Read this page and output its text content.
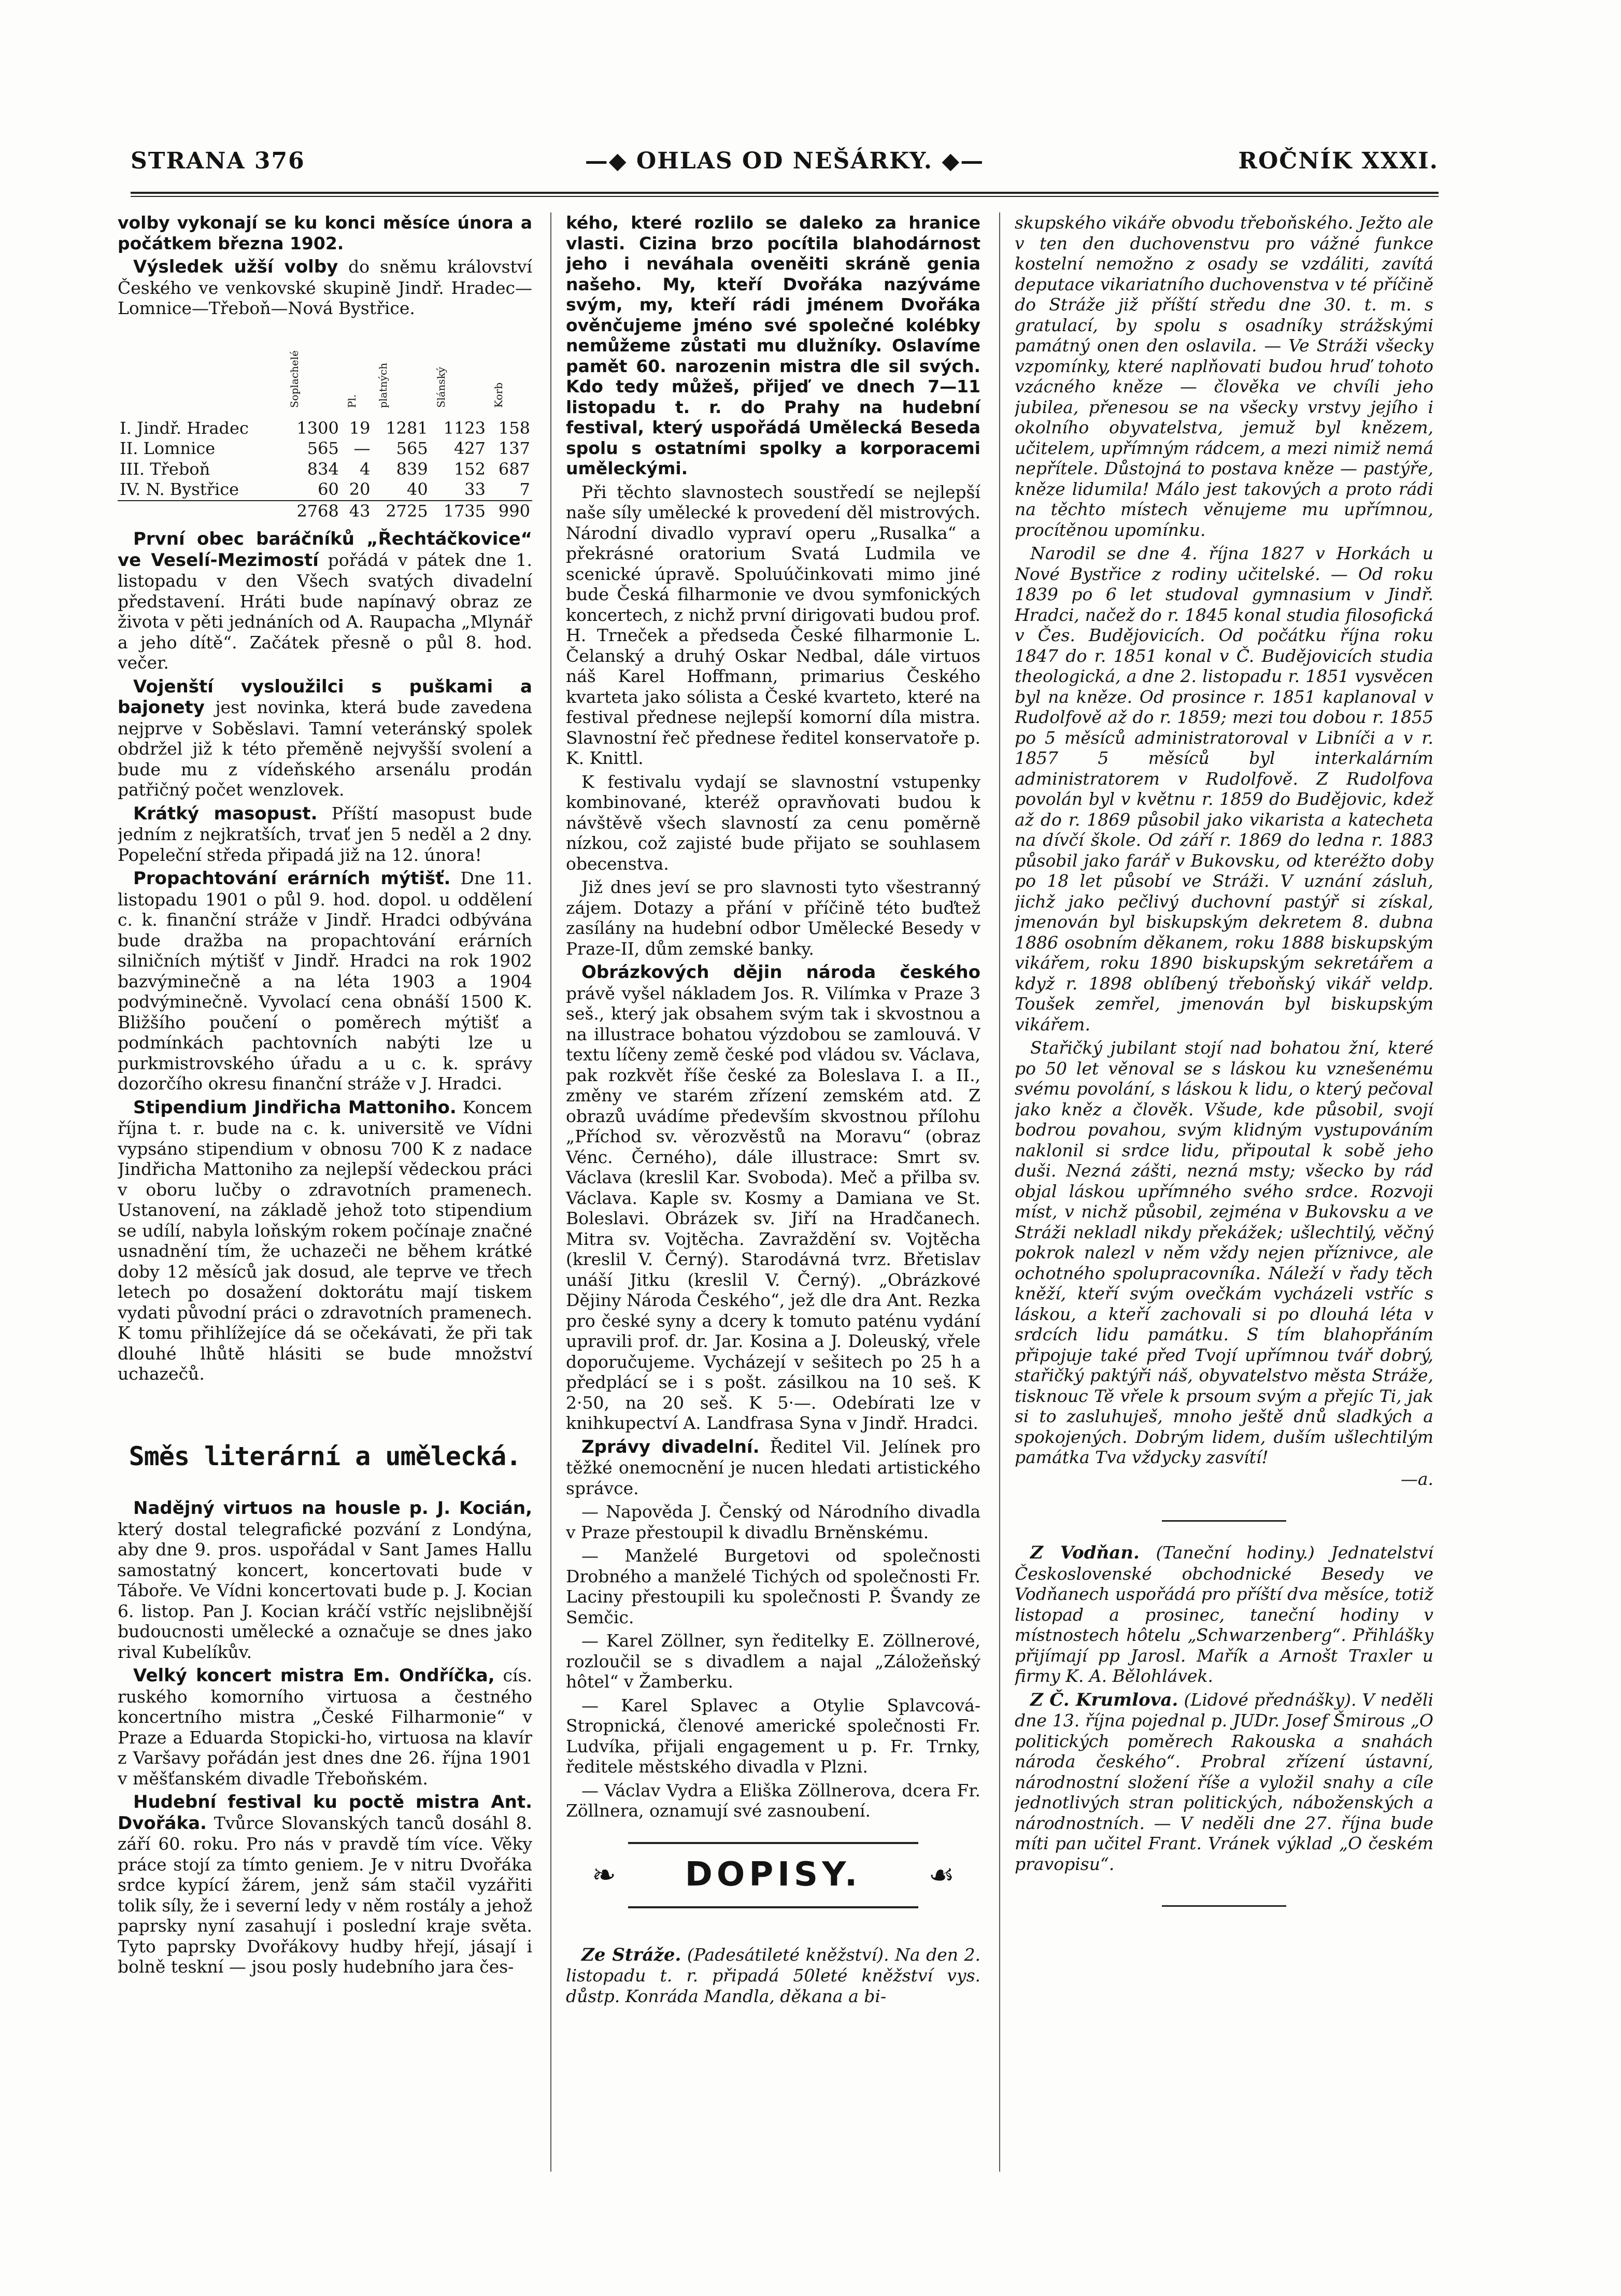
STRANA 376	—◆ OHLAS OD NEŠÁRKY. ◆—	ROČNÍK XXXI.

volby vykonají se ku konci měsíce února a počátkem března 1902.

Výsledek užší volby do sněmu království Českého ve venkovské skupině Jindř. Hradec—Lomnice—Třeboň—Nová Bystřice.

	Soplachelé	Pl.	platných	Slánský	Korb
I. Jindř. Hradec	1300	19	1281	1123	158
II. Lomnice	565	—	565	427	137
III. Třeboň	834	4	839	152	687
IV. N. Bystřice	60	20	40	33	7
	2768	43	2725	1735	990

První obec baráčníků „Řechtáčkovice“ ve Veselí-Mezimostí pořádá v pátek dne 1. listopadu v den Všech svatých divadelní představení. Hráti bude napínavý obraz ze života v pěti jednáních od A. Raupacha „Mlynář a jeho dítě“. Začátek přesně o půl 8. hod. večer.

Vojenští vysloužilci s puškami a bajonety jest novinka, která bude zavedena nejprve v Soběslavi. Tamní veteránský spolek obdržel již k této přeměně nejvyšší svolení a bude mu z vídeňského arsenálu prodán patřičný počet wenzlovek.

Krátký masopust. Příští masopust bude jedním z nejkratších, trvať jen 5 neděl a 2 dny. Popeleční středa připadá již na 12. února!

Propachtování erárních mýtišť. Dne 11. listopadu 1901 o půl 9. hod. dopol. u oddělení c. k. finanční stráže v Jindř. Hradci odbývána bude dražba na propachtování erárních silničních mýtišť v Jindř. Hradci na rok 1902 bazvýminečně a na léta 1903 a 1904 podvýminečně. Vyvolací cena obnáší 1500 K. Bližšího poučení o poměrech mýtišť a podmínkách pachtovních nabýti lze u purkmistrovského úřadu a u c. k. správy dozorčího okresu finanční stráže v J. Hradci.

Stipendium Jindřicha Mattoniho. Koncem října t. r. bude na c. k. universitě ve Vídni vypsáno stipendium v obnosu 700 K z nadace Jindřicha Mattoniho za nejlepší vědeckou práci v oboru lučby o zdravotních pramenech. Ustanovení, na základě jehož toto stipendium se udílí, nabyla loňským rokem počínaje značné usnadnění tím, že uchazeči ne během krátké doby 12 měsíců jak dosud, ale teprve ve třech letech po dosažení doktorátu mají tiskem vydati původní práci o zdravotních pramenech. K tomu přihlížejíce dá se očekávati, že při tak dlouhé lhůtě hlásiti se bude množství uchazečů.

Směs literární a umělecká.

Nadějný virtuos na housle p. J. Kocián, který dostal telegrafické pozvání z Londýna, aby dne 9. pros. uspořádal v Sant James Hallu samostatný koncert, koncertovati bude v Táboře. Ve Vídni koncertovati bude p. J. Kocian 6. listop. Pan J. Kocian kráčí vstříc nejslibnější budoucnosti umělecké a označuje se dnes jako rival Kubelíkův.

Velký koncert mistra Em. Ondříčka, cís. ruského komorního virtuosa a čestného koncertního mistra „České Filharmonie“ v Praze a Eduarda Stopicki-ho, virtuosa na klavír z Varšavy pořádán jest dnes dne 26. října 1901 v měšťanském divadle Třeboňském.

Hudební festival ku poctě mistra Ant. Dvořáka. Tvůrce Slovanských tanců dosáhl 8. září 60. roku. Pro nás v pravdě tím více. Věky práce stojí za tímto geniem. Je v nitru Dvořáka srdce kypící žárem, jenž sám stačil vyzářiti tolik síly, že i severní ledy v něm rostály a jehož paprsky nyní zasahují i poslední kraje světa. Tyto paprsky Dvořákovy hudby hřejí, jásají i bolně teskní — jsou posly hudebního jara čes-

kého, které rozlilo se daleko za hranice vlasti. Cizina brzo pocítila blahodárnost jeho i neváhala oveněiti skráně genia našeho. My, kteří Dvořáka nazýváme svým, my, kteří rádi jménem Dvořáka ověnčujeme jméno své společné kolébky nemůžeme zůstati mu dlužníky. Oslavíme pamět 60. narozenin mistra dle sil svých. Kdo tedy můžeš, přijeď ve dnech 7—11 listopadu t. r. do Prahy na hudební festival, který uspořádá Umělecká Beseda spolu s ostatními spolky a korporacemi uměleckými.

Při těchto slavnostech soustředí se nejlepší naše síly umělecké k provedení děl mistrových. Národní divadlo vypraví operu „Rusalka“ a překrásné oratorium Svatá Ludmila ve scenické úpravě. Spoluúčinkovati mimo jiné bude Česká filharmonie ve dvou symfonických koncertech, z nichž první dirigovati budou prof. H. Trneček a předseda České filharmonie L. Čelanský a druhý Oskar Nedbal, dále virtuos náš Karel Hoffmann, primarius Českého kvarteta jako sólista a České kvarteto, které na festival přednese nejlepší komorní díla mistra. Slavnostní řeč přednese ředitel konservatoře p. K. Knittl.

K festivalu vydají se slavnostní vstupenky kombinované, kteréž opravňovati budou k návštěvě všech slavností za cenu poměrně nízkou, což zajisté bude přijato se souhlasem obecenstva.

Již dnes jeví se pro slavnosti tyto všestranný zájem. Dotazy a přání v příčině této buďtež zasílány na hudební odbor Umělecké Besedy v Praze-II, dům zemské banky.

Obrázkových dějin národa českého právě vyšel nákladem Jos. R. Vilímka v Praze 3 seš., který jak obsahem svým tak i skvostnou a na illustrace bohatou výzdobou se zamlouvá. V textu líčeny země české pod vládou sv. Václava, pak rozkvět říše české za Boleslava I. a II., změny ve starém zřízení zemském atd. Z obrazů uvádíme především skvostnou přílohu „Příchod sv. věrozvěstů na Moravu“ (obraz Vénc. Černého), dále illustrace: Smrt sv. Václava (kreslil Kar. Svoboda). Meč a přilba sv. Václava. Kaple sv. Kosmy a Damiana ve St. Boleslavi. Obrázek sv. Jiří na Hradčanech. Mitra sv. Vojtěcha. Zavraždění sv. Vojtěcha (kreslil V. Černý). Starodávná tvrz. Břetislav unáší Jitku (kreslil V. Černý). „Obrázkové Dějiny Národa Českého“, jež dle dra Ant. Rezka pro české syny a dcery k tomuto paténu vydání upravili prof. dr. Jar. Kosina a J. Doleuský, vřele doporučujeme. Vycházejí v sešitech po 25 h a předplácí se i s pošt. zásilkou na 10 seš. K 2·50, na 20 seš. K 5·—. Odebírati lze v knihkupectví A. Landfrasa Syna v Jindř. Hradci.

Zprávy divadelní. Ředitel Vil. Jelínek pro těžké onemocnění je nucen hledati artistického správce.

— Napověda J. Čenský od Národního divadla v Praze přestoupil k divadlu Brněnskému.

— Manželé Burgetovi od společnosti Drobného a manželé Tichých od společnosti Fr. Laciny přestoupili ku společnosti P. Švandy ze Semčic.

— Karel Zöllner, syn ředitelky E. Zöllnerové, rozloučil se s divadlem a najal „Záložeňský hôtel“ v Žamberku.

— Karel Splavec a Otylie Splavcová-Stropnická, členové americké společnosti Fr. Ludvíka, přijali engagement u p. Fr. Trnky, ředitele městského divadla v Plzni.

— Václav Vydra a Eliška Zöllnerova, dcera Fr. Zöllnera, oznamují své zasnoubení.

❧ DOPISY. ☙

Ze Stráže. (Padesátileté kněžství). Na den 2. listopadu t. r. připadá 50leté kněžství vys. důstp. Konráda Mandla, děkana a bi-

skupského vikáře obvodu třeboňského. Ježto ale v ten den duchovenstvu pro vážné funkce kostelní nemožno z osady se vzdáliti, zavítá deputace vikariatního duchovenstva v té příčině do Stráže již příští středu dne 30. t. m. s gratulací, by spolu s osadníky strážskými památný onen den oslavila. — Ve Stráži všecky vzpomínky, které naplňovati budou hruď tohoto vzácného kněze — člověka ve chvíli jeho jubilea, přenesou se na všecky vrstvy jejího i okolního obyvatelstva, jemuž byl knězem, učitelem, upřímným rádcem, a mezi nimiž nemá nepřítele. Důstojná to postava kněze — pastýře, kněze lidumila! Málo jest takových a proto rádi na těchto místech věnujeme mu upřímnou, procítěnou upomínku.

Narodil se dne 4. října 1827 v Horkách u Nové Bystřice z rodiny učitelské. — Od roku 1839 po 6 let studoval gymnasium v Jindř. Hradci, načež do r. 1845 konal studia filosofická v Čes. Budějovicích. Od počátku října roku 1847 do r. 1851 konal v Č. Budějovicích studia theologická, a dne 2. listopadu r. 1851 vysvěcen byl na kněze. Od prosince r. 1851 kaplanoval v Rudolfově až do r. 1859; mezi tou dobou r. 1855 po 5 měsíců administratoroval v Libníči a v r. 1857 5 měsíců byl interkalárním administratorem v Rudolfově. Z Rudolfova povolán byl v květnu r. 1859 do Budějovic, kdež až do r. 1869 působil jako vikarista a katecheta na dívčí škole. Od září r. 1869 do ledna r. 1883 působil jako farář v Bukovsku, od kteréžto doby po 18 let působí ve Stráži. V uznání zásluh, jichž jako pečlivý duchovní pastýř si získal, jmenován byl biskupským dekretem 8. dubna 1886 osobním děkanem, roku 1888 biskupským vikářem, roku 1890 biskupským sekretářem a když r. 1898 oblíbený třeboňský vikář veldp. Toušek zemřel, jmenován byl biskupským vikářem.

Stařičký jubilant stojí nad bohatou žní, které po 50 let věnoval se s láskou ku vznešenému svému povolání, s láskou k lidu, o který pečoval jako kněz a člověk. Všude, kde působil, svojí bodrou povahou, svým klidným vystupováním naklonil si srdce lidu, připoutal k sobě jeho duši. Nezná zášti, nezná msty; všecko by rád objal láskou upřímného svého srdce. Rozvoji míst, v nichž působil, zejména v Bukovsku a ve Stráži nekladl nikdy překážek; ušlechtilý, věčný pokrok nalezl v něm vždy nejen příznivce, ale ochotného spolupracovníka. Náleží v řady těch kněží, kteří svým ovečkám vycházeli vstříc s láskou, a kteří zachovali si po dlouhá léta v srdcích lidu památku. S tím blahopřáním připojuje také před Tvojí upřímnou tvář dobrý, stařičký paktýři náš, obyvatelstvo města Stráže, tisknouc Tě vřele k prsoum svým a přejíc Ti, jak si to zasluhuješ, mnoho ještě dnů sladkých a spokojených. Dobrým lidem, duším ušlechtilým památka Tva vždycky zasvítí!

—a.

Z Vodňan. (Taneční hodiny.) Jednatelství Československé obchodnické Besedy ve Vodňanech uspořádá pro příští dva měsíce, totiž listopad a prosinec, taneční hodiny v místnostech hôtelu „Schwarzenberg“. Přihlášky přijímají pp Jarosl. Mařík a Arnošt Traxler u firmy K. A. Bělohlávek.

Z Č. Krumlova. (Lidové přednášky). V neděli dne 13. října pojednal p. JUDr. Josef Šmirous „O politických poměrech Rakouska a snahách národa českého“. Probral zřízení ústavní, národnostní složení říše a vyložil snahy a cíle jednotlivých stran politických, náboženských a národnostních. — V neděli dne 27. října bude míti pan učitel Frant. Vránek výklad „O českém pravopisu“.
